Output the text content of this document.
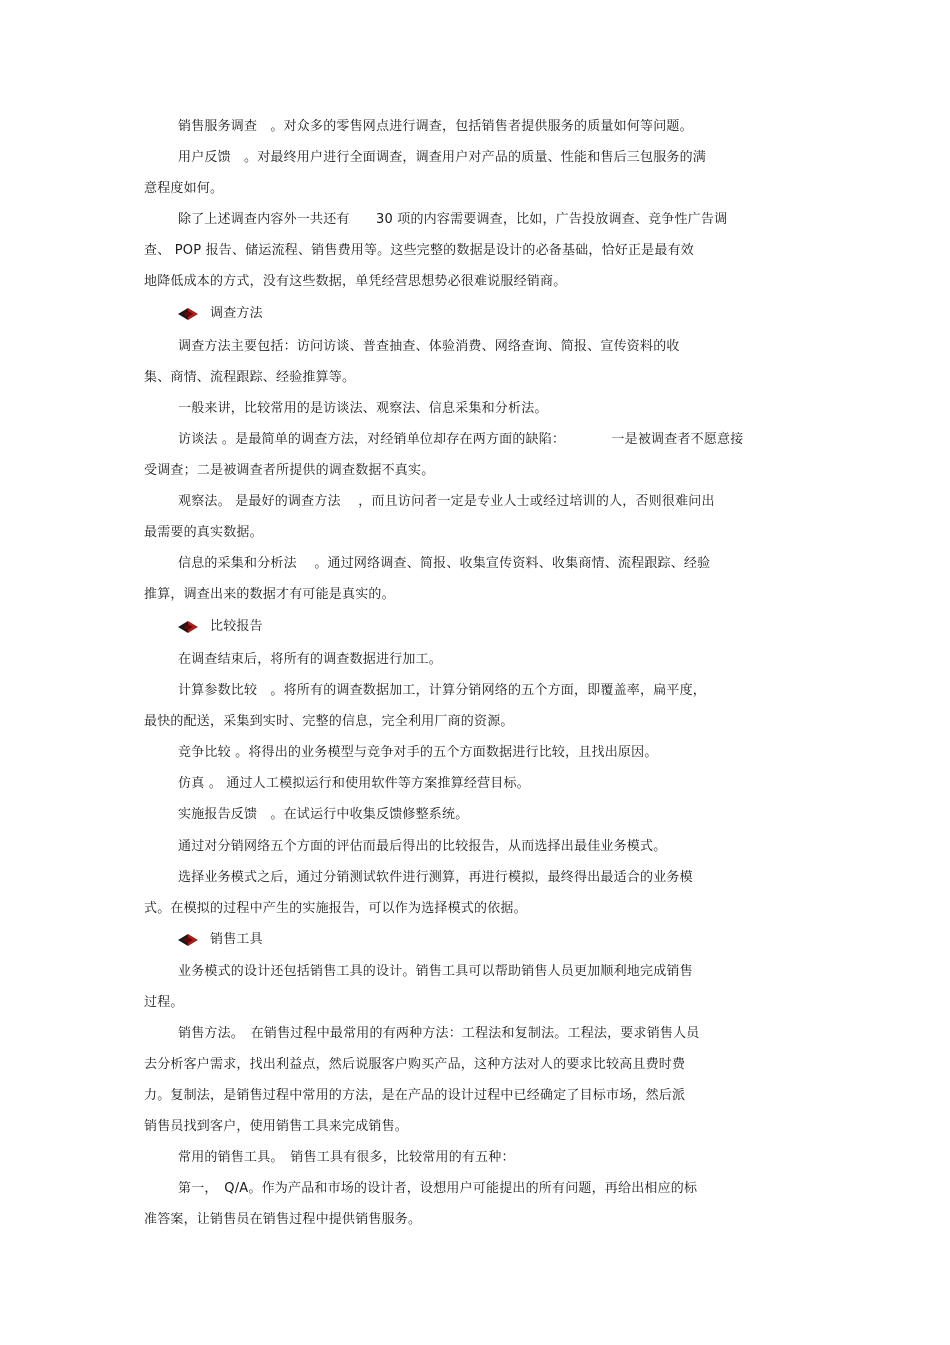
销售服务调查　。对众多的零售网点进行调查，包括销售者提供服务的质量如何等问题。
用户反馈　。对最终用户进行全面调查，调查用户对产品的质量、性能和售后三包服务的满
意程度如何。
除了上述调查内容外一共还有　　30 项的内容需要调查，比如，广告投放调查、竞争性广告调
查、 POP 报告、储运流程、销售费用等。这些完整的数据是设计的必备基础，恰好正是最有效
地降低成本的方式，没有这些数据，单凭经营思想势必很难说服经销商。
调查方法
调查方法主要包括：访问访谈、普查抽查、体验消费、网络查询、简报、宣传资料的收
集、商情、流程跟踪、经验推算等。
一般来讲，比较常用的是访谈法、观察法、信息采集和分析法。
访谈法 。是最简单的调查方法，对经销单位却存在两方面的缺陷：　　　　一是被调查者不愿意接
受调查；二是被调查者所提供的调查数据不真实。
观察法。 是最好的调查方法　 ，而且访问者一定是专业人士或经过培训的人，否则很难问出
最需要的真实数据。
信息的采集和分析法　 。通过网络调查、简报、收集宣传资料、收集商情、流程跟踪、经验
推算，调查出来的数据才有可能是真实的。
比较报告
在调查结束后，将所有的调查数据进行加工。
计算参数比较　。将所有的调查数据加工，计算分销网络的五个方面，即覆盖率，扁平度，
最快的配送，采集到实时、完整的信息，完全利用厂商的资源。
竞争比较 。将得出的业务模型与竞争对手的五个方面数据进行比较，且找出原因。
仿真 。 通过人工模拟运行和使用软件等方案推算经营目标。
实施报告反馈　。在试运行中收集反馈修整系统。
通过对分销网络五个方面的评估而最后得出的比较报告，从而选择出最佳业务模式。
选择业务模式之后，通过分销测试软件进行测算，再进行模拟，最终得出最适合的业务模
式。在模拟的过程中产生的实施报告，可以作为选择模式的依据。
销售工具
业务模式的设计还包括销售工具的设计。销售工具可以帮助销售人员更加顺利地完成销售
过程。
销售方法。　在销售过程中最常用的有两种方法：工程法和复制法。工程法，要求销售人员
去分析客户需求，找出利益点，然后说服客户购买产品，这种方法对人的要求比较高且费时费
力。复制法，是销售过程中常用的方法，是在产品的设计过程中已经确定了目标市场，然后派
销售员找到客户，使用销售工具来完成销售。
常用的销售工具。　销售工具有很多，比较常用的有五种：
第一，　Q/A。作为产品和市场的设计者，设想用户可能提出的所有问题，再给出相应的标
准答案，让销售员在销售过程中提供销售服务。
